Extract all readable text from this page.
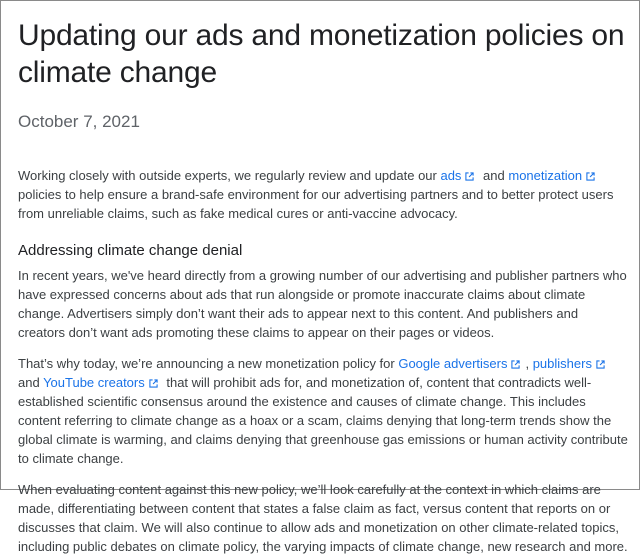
Updating our ads and monetization policies on climate change
October 7, 2021

Working closely with outside experts, we regularly review and update our ads and monetization policies to help ensure a brand-safe environment for our advertising partners and to better protect users from unreliable claims, such as fake medical cures or anti-vaccine advocacy.

Addressing climate change denial

In recent years, we've heard directly from a growing number of our advertising and publisher partners who have expressed concerns about ads that run alongside or promote inaccurate claims about climate change. Advertisers simply don’t want their ads to appear next to this content. And publishers and creators don’t want ads promoting these claims to appear on their pages or videos.

That’s why today, we’re announcing a new monetization policy for Google advertisers , publishers and YouTube creators that will prohibit ads for, and monetization of, content that contradicts well-established scientific consensus around the existence and causes of climate change. This includes content referring to climate change as a hoax or a scam, claims denying that long-term trends show the global climate is warming, and claims denying that greenhouse gas emissions or human activity contribute to climate change.

When evaluating content against this new policy, we’ll look carefully at the context in which claims are made, differentiating between content that states a false claim as fact, versus content that reports on or discusses that claim. We will also continue to allow ads and monetization on other climate-related topics, including public debates on climate policy, the varying impacts of climate change, new research and more.
